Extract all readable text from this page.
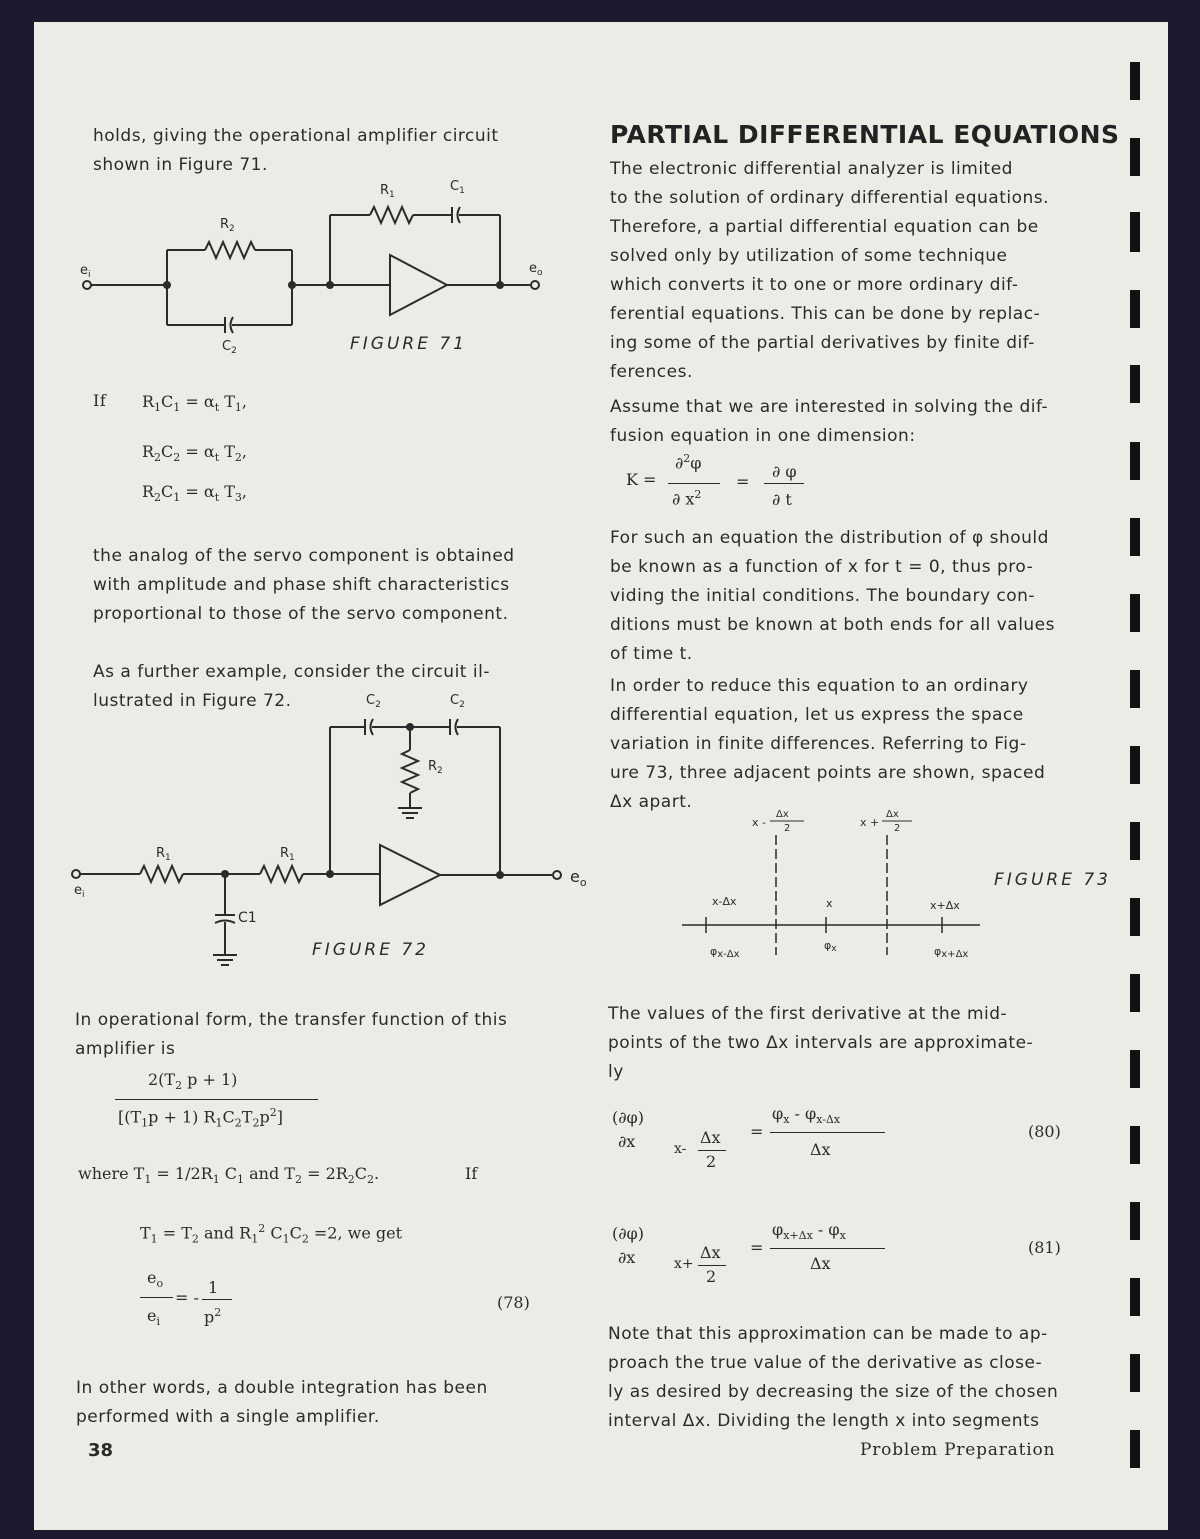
holds, giving the operational amplifier circuit
shown in Figure 71.
$e_i$	$e_o$
$R_2$
$C_2$
$R_1$
$C_1$
FIGURE 71
If $R_1C_1 = \alpha_t$ $T_1$,
$R_2C_2 = \alpha_t$ $T_2$,
$R_2C_1 = \alpha_t$ $T_3$,
the analog of the servo component is obtained
with amplitude and phase shift characteristics
proportional to those of the servo component.
As a further example, consider the circuit il-
lustrated in Figure 72.	$C_2$	$C_2$
$R_2$
$R_1$	$R_1$
C1
$e_i$
$e_o$
FIGURE 72
In operational form, the transfer function of this
amplifier is
$2(T_2$ p + 1)
[$(T_1p + 1)$ $R_1C_2T_2p^2$]
where $T_1 = 1/2R_1$ $C_1$ and $T_2 = 2R_2C_2$.	If
$T_1 = T_2$ and $R_1^2$ $C_1C_2 =2$, we get
$e_o$
$e_i$
= -
1
$p^2$
(78)
In other words, a double integration has been
performed with a single amplifier.
PARTIAL DIFFERENTIAL EQUATIONS
The electronic differential analyzer is limited
to the solution of ordinary differential equations.
Therefore, a partial differential equation can be
solved only by utilization of some technique
which converts it to one or more ordinary dif-
ferential equations. This can be done by replac-
ing some of the partial derivatives by finite dif-
ferences.
Assume that we are interested in solving the dif-
fusion equation in one dimension:
K =
∂$^2$φ
∂ $x^2$
=
∂ φ
∂ t
For such an equation the distribution of φ should
be known as a function of x for t = 0, thus pro-
viding the initial conditions. The boundary con-
ditions must be known at both ends for all values
of time t.
In order to reduce this equation to an ordinary
differential equation, let us express the space
variation in finite differences. Referring to Fig-
ure 73, three adjacent points are shown, spaced
Δx apart.
x -
Δx
2	x +
Δx
2
x-Δx	x	x+Δx
φx-Δx
φx	φx+Δx
FIGURE 73
The values of the first derivative at the mid-
points of the two Δx intervals are approximate-
ly
(∂φ)
∂x	x-
Δx
2
=
$\varphi_x - \varphi_{x-\Delta x}$
Δx
(80)
(∂φ)
∂x	x+
Δx
2
=
$\varphi_{x+\Delta x} - \varphi_x$
Δx
(81)
Note that this approximation can be made to ap-
proach the true value of the derivative as close-
ly as desired by decreasing the size of the chosen
interval Δx. Dividing the length x into segments
38	Problem Preparation
